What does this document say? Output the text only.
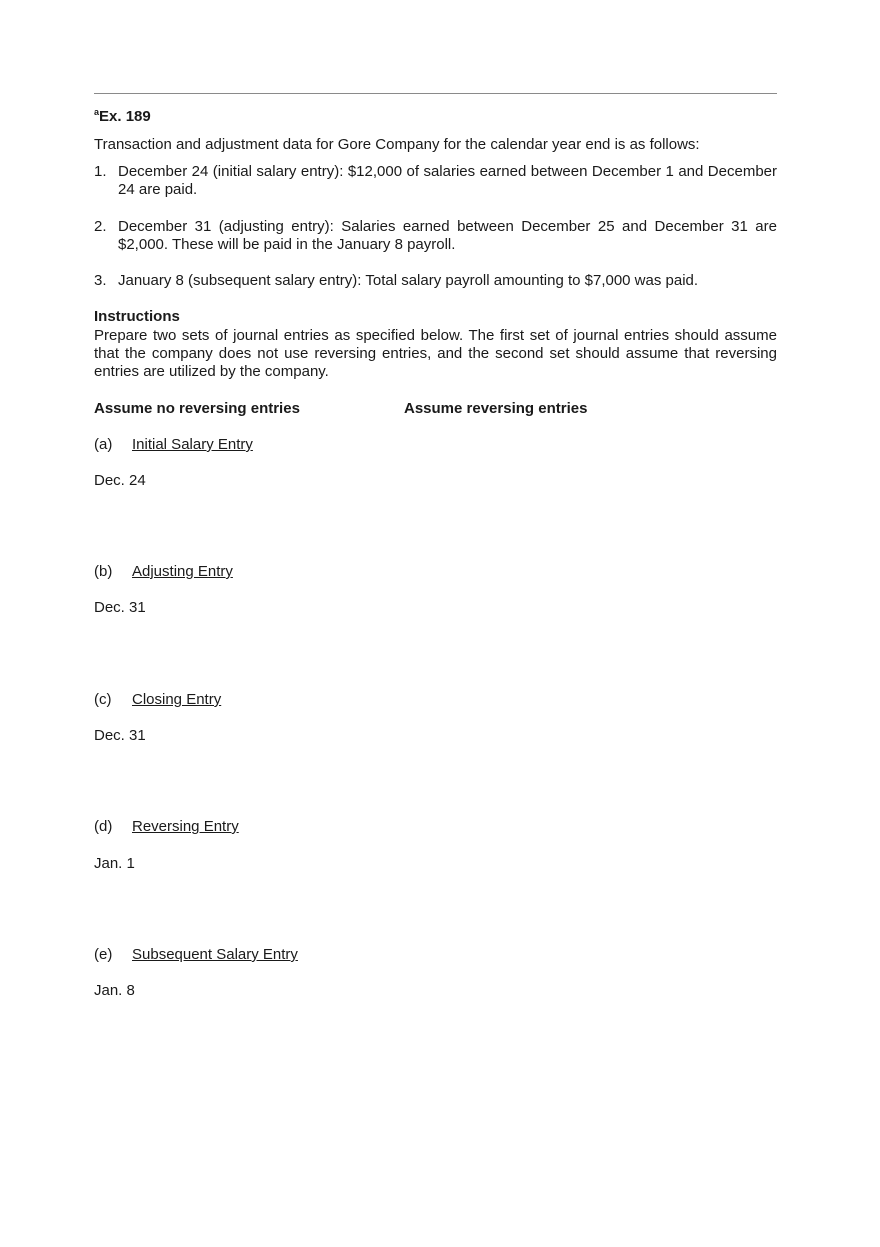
$^a$Ex. 189
Transaction and adjustment data for Gore Company for the calendar year end is as follows:
1. December 24 (initial salary entry): $12,000 of salaries earned between December 1 and December 24 are paid.
2. December 31 (adjusting entry): Salaries earned between December 25 and December 31 are $2,000. These will be paid in the January 8 payroll.
3. January 8 (subsequent salary entry): Total salary payroll amounting to $7,000 was paid.
Instructions
Prepare two sets of journal entries as specified below. The first set of journal entries should assume that the company does not use reversing entries, and the second set should assume that reversing entries are utilized by the company.
Assume no reversing entries	Assume reversing entries
(a) Initial Salary Entry
Dec. 24
(b) Adjusting Entry
Dec. 31
(c) Closing Entry
Dec. 31
(d) Reversing Entry
Jan. 1
(e) Subsequent Salary Entry
Jan. 8
